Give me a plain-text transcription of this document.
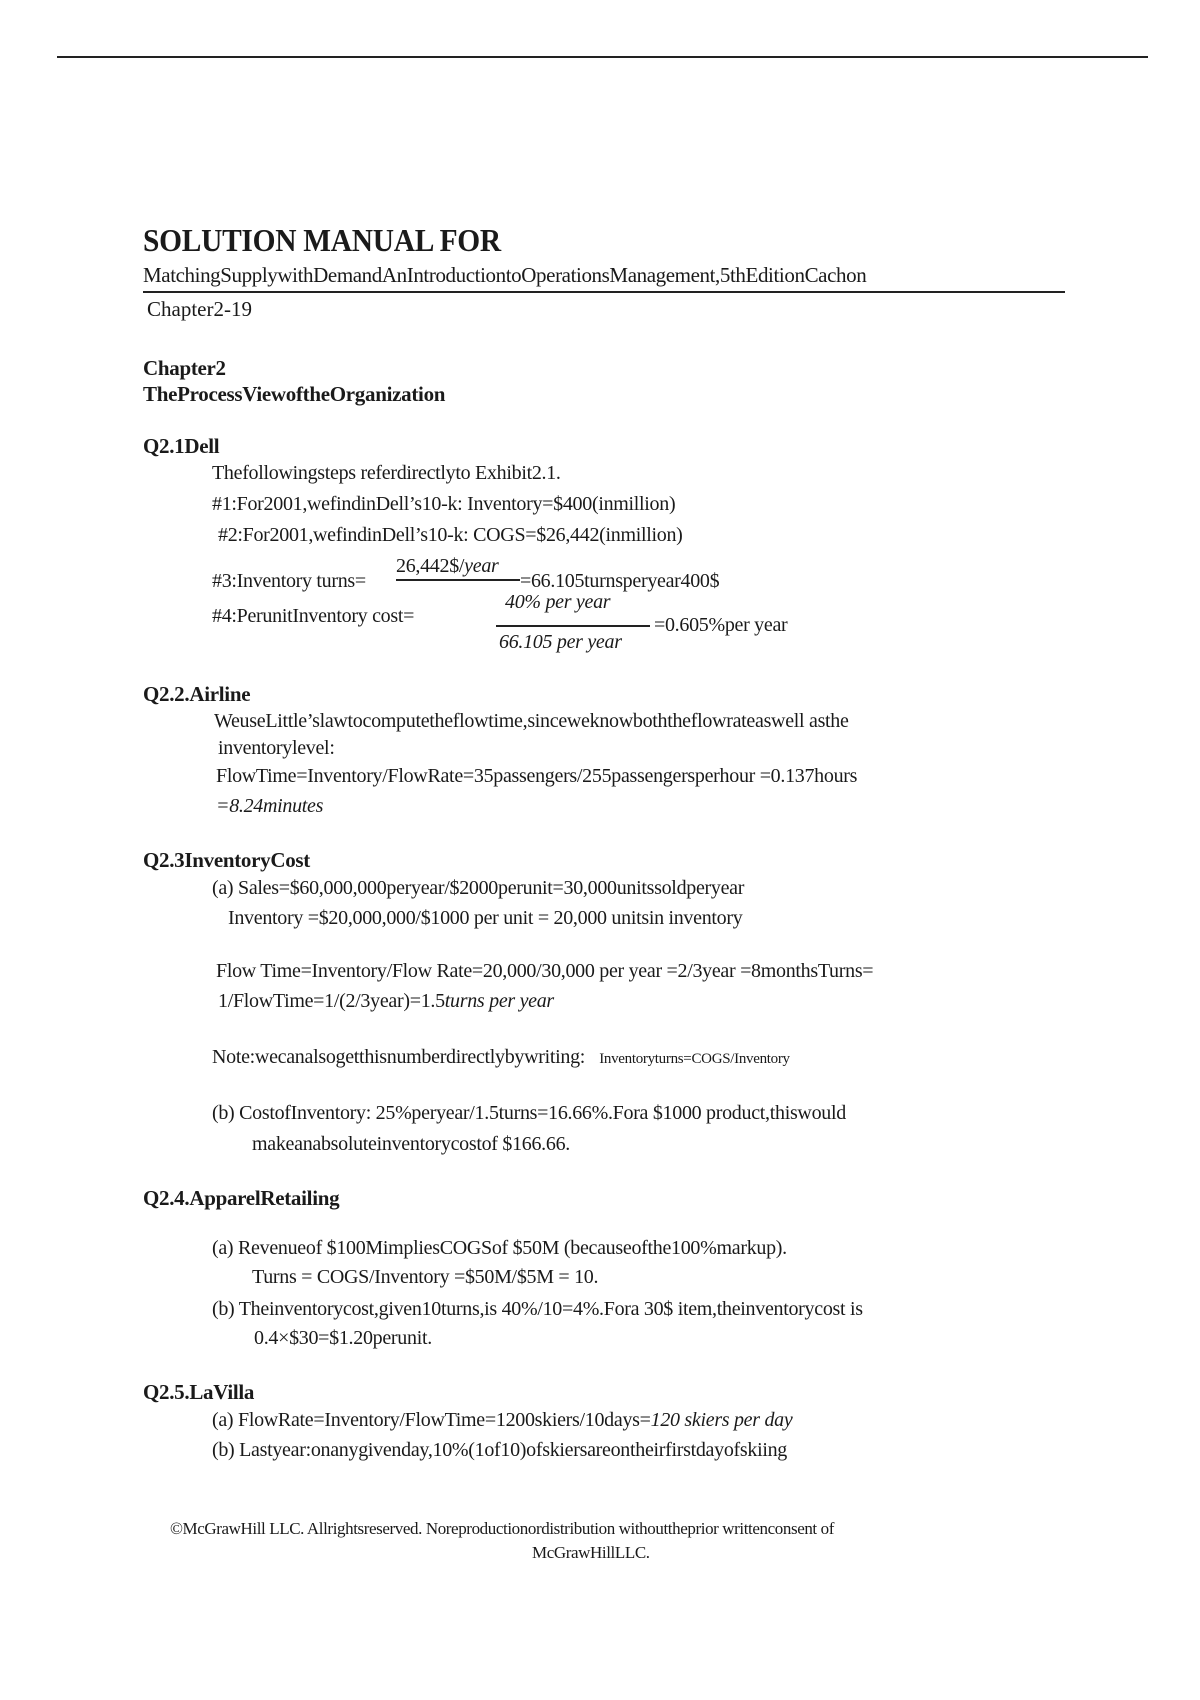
SOLUTION MANUAL FOR
MatchingSupplywithDemandAnIntroductiontoOperationsManagement,5thEditionCachon
Chapter2-19
Chapter2
TheProcessViewoftheOrganization
Q2.1Dell
Thefollowingsteps referdirectlyto Exhibit2.1.
#1:For2001,wefindinDell’s10-k: Inventory=$400(inmillion)
#2:For2001,wefindinDell’s10-k: COGS=$26,442(inmillion)
#3:Inventory turns=
26,442$/year
=66.105turnsperyear400$
#4:PerunitInventory cost=
40% per year
=0.605%per year
66.105 per year
Q2.2.Airline
WeuseLittle’slawtocomputetheflowtime,sinceweknowboththeflowrateaswell asthe
inventorylevel:
FlowTime=Inventory/FlowRate=35passengers/255passengersperhour =0.137hours
=8.24minutes
Q2.3InventoryCost
(a) Sales=$60,000,000peryear/$2000perunit=30,000unitssoldperyear
Inventory =$20,000,000/$1000 per unit = 20,000 unitsin inventory
Flow Time=Inventory/Flow Rate=20,000/30,000 per year =2/3year =8monthsTurns=
1/FlowTime=1/(2/3year)=1.5turns per year
Note:wecanalsogetthisnumberdirectlybywriting: Inventoryturns=COGS/Inventory
(b) CostofInventory: 25%peryear/1.5turns=16.66%.Fora $1000 product,thiswould
makeanabsoluteinventorycostof $166.66.
Q2.4.ApparelRetailing
(a) Revenueof $100MimpliesCOGSof $50M (becauseofthe100%markup).
Turns = COGS/Inventory =$50M/$5M = 10.
(b) Theinventorycost,given10turns,is 40%/10=4%.Fora 30$ item,theinventorycost is
0.4×$30=$1.20perunit.
Q2.5.LaVilla
(a) FlowRate=Inventory/FlowTime=1200skiers/10days=120 skiers per day
(b) Lastyear:onanygivenday,10%(1of10)ofskiersareontheirfirstdayofskiing
©McGrawHill LLC. Allrightsreserved. Noreproductionordistribution withouttheprior writtenconsent of
McGrawHillLLC.
